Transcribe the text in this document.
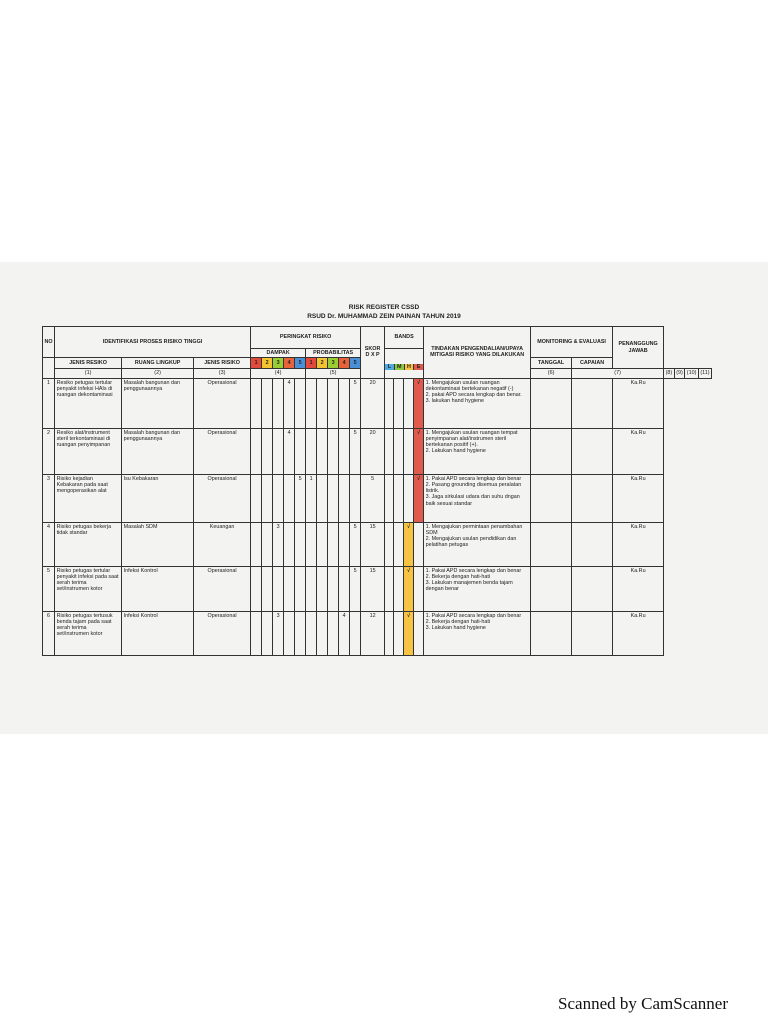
RISK REGISTER CSSD
RSUD Dr. MUHAMMAD ZEIN PAINAN TAHUN 2019
NO	IDENTIFIKASI PROSES RISIKO TINGGI			PERINGKAT RISIKO										SKOR D X P	BANDS				TINDAKAN PENGENDALIAN/UPAYA MITIGASI RISIKO YANG DILAKUKAN	MONITORING & EVALUASI		PENANGGUNG JAWAB				
				DAMPAK					PROBABILITAS						L M H E											

	JENIS RESIKO	RUANG LINGKUP	JENIS RISIKO	1	2	3	4	5	1	2	3	4	5							TANGGAL	CAPAIAN					
	(1)	(2)	(3)	(4)					(5)											(6)	(7)		(8)	(9)	(10)	(11)
1	Resiko petugas tertular penyakit infeksi HAIs di ruangan dekontaminasi	Masalah bangunan dan penggunaannya	Operasional				4						5	20				√	1. Mengajukan usulan ruangan dekontaminasi bertekanan negatif (-)
2. pakai APD secara lengkap dan benar.
3. lakukan hand hygiene			Ka.Ru				
2	Resiko alat/instrument steril terkontaminasi di ruangan penyimpanan	Masalah bangunan dan penggunaannya	Operasional				4						5	20				√	1. Mengajukan usulan ruangan tempat penyimpanan alat/instrumen steril bertekanan positif (+).
2. Lakukan hand hygiene			Ka.Ru				
3	Risiko kejadian Kebakaran pada saat mengoperasikan alat	Isu Kebakaran	Operasional					5	1					5				√	1. Pakai APD secara lengkap dan benar
2. Pasang grounding disemua peralatan listrik.
3. Jaga sirkulasi udara dan suhu dngan baik sesuai standar			Ka.Ru				
4	Risiko petugas bekerja tidak standar	Masalah SDM	Keuangan			3							5	15			√		1. Mengajukan permintaan penambahan SDM
2. Mengajukan usulan pendidikan dan pelatihan petugas			Ka.Ru				
5	Risiko petugas tertular penyakit infeksi pada saat serah terima set/instrumen kotor	Infeksi Kontrol	Operasional										5	15			√		1. Pakai APD secara lengkap dan benar
2. Bekerja dengan hati-hati
3. Lakukan manajemen benda tajam dengan benar			Ka.Ru				
6	Risiko petugas tertusuk benda tajam pada saat serah terima set/instrumen kotor	Infeksi Kontrol	Operasional			3						4		12			√		1. Pakai APD secara lengkap dan benar
2. Bekerja dengan hati-hati
3. Lakukan hand hygiene			Ka.Ru				
Scanned by CamScanner
